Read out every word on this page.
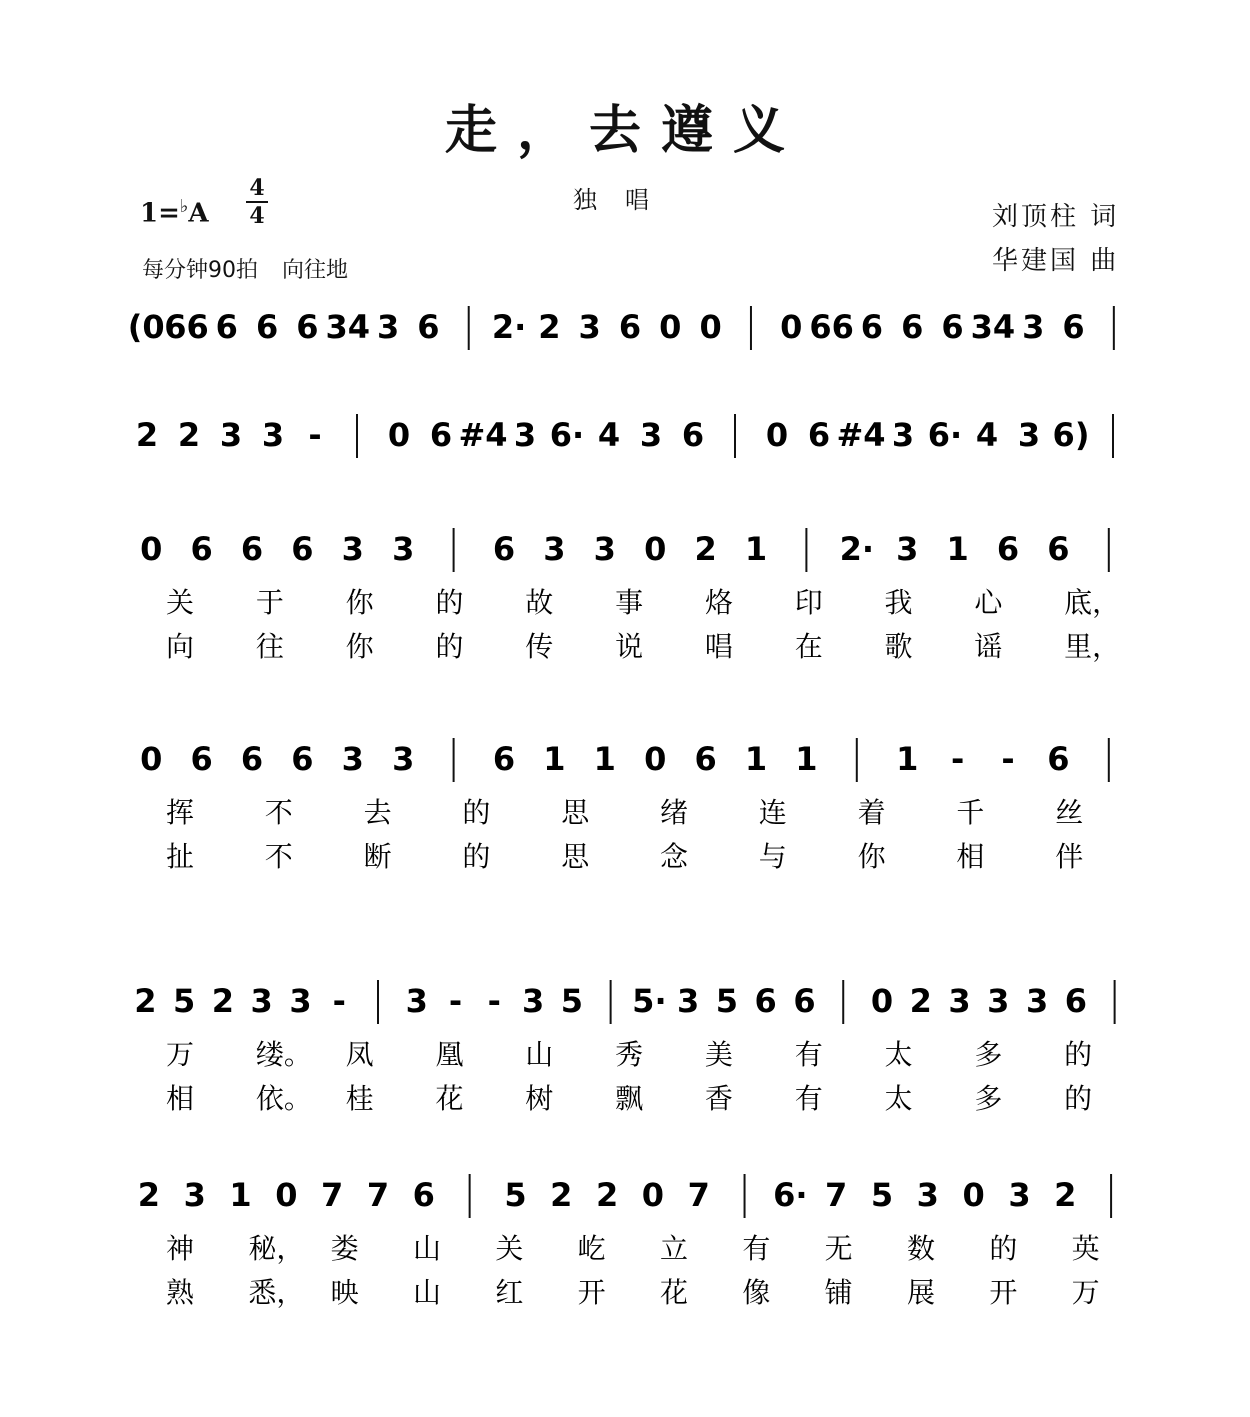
走，去遵义
独唱
1=♭A
4
4
每分钟90拍 向往地
刘顶柱 词
华建国 曲
(0 66 6 6 6 34 3 6 2· 2 3 6 0 0 0 66 6 6 6 34 3 6
2 2 3 3 - 0 6 #4 3 6· 4 3 6 0 6 #4 3 6· 4 3 6)
0 6 6 6 3 3 6 3 3 0 2 1 2· 3 1 6 6
关 于 你 的 故 事 烙 印 我 心 底，
向 往 你 的 传 说 唱 在 歌 谣 里，
0 6 6 6 3 3 6 1 1 0 6 1 1 1 - - 6
挥	不	去	的	思	绪	连	着	千	丝
扯	不	断	的	思	念	与	你	相	伴
2 5 2 3 3 - 3 - - 3 5 5· 3 5 6 6 0 2 3 3 3 6
万 缕。 凤 凰 山 秀 美 有 太 多 的
相 依。 桂 花 树 飘 香 有 太 多 的
2 3 1 0 7 7 6 5 2 2 0 7 6· 7 5 3 0 3 2
神 秘， 娄 山 关 屹 立 有 无 数 的 英
熟 悉， 映 山 红 开 花 像 铺 展 开 万
